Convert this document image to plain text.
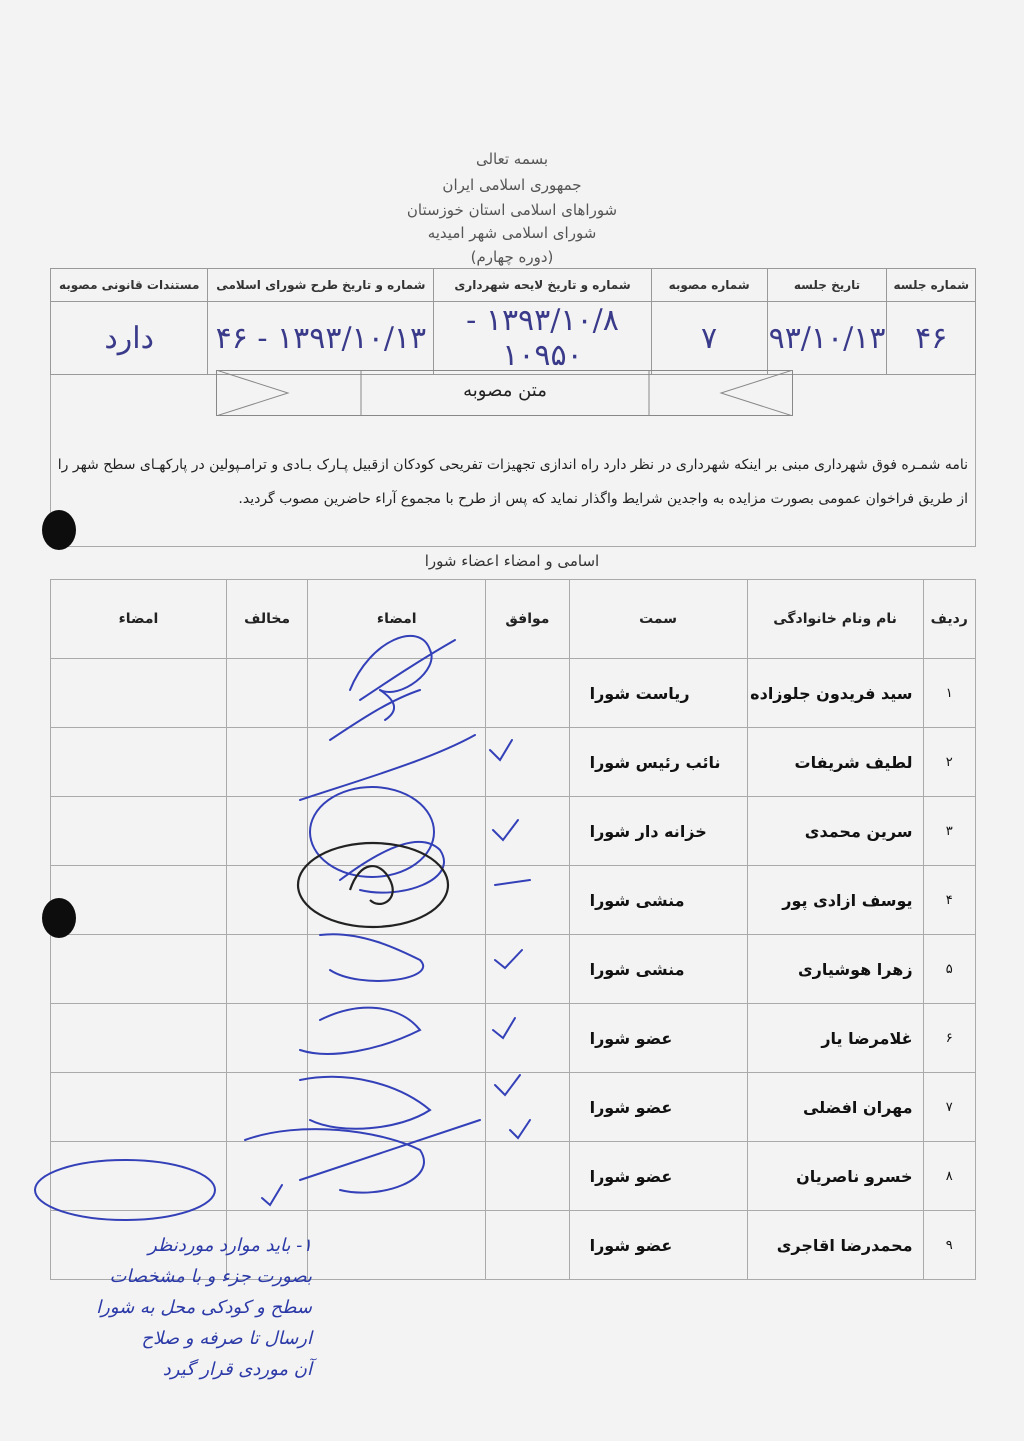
بسمه تعالی
جمهوری اسلامی ایران
شوراهای اسلامی استان خوزستان
شورای اسلامی شهر امیدیه
(دوره چهارم)
شماره جلسه	تاریخ جلسه	شماره مصوبه	شماره و تاریخ لایحه شهرداری	شماره و تاریخ طرح شورای اسلامی	مستندات قانونی مصوبه
۴۶	۹۳/۱۰/۱۳	۷	۱۳۹۳/۱۰/۸ - ۱۰۹۵۰	۱۳۹۳/۱۰/۱۳ - ۴۶	دارد
متن مصوبه
نامه شمـره فوق شهرداری مبنی بر اینکه شهرداری در نظر دارد راه اندازی تجهیزات تفریحی کودکان ازقبیل پـارک بـادی و ترامـپولین در پارکهـای سطح شهر را از طریق فراخوان عمومی بصورت مزایده به واجدین شرایط واگذار نماید که پس از طرح با مجموع آراء حاضرین مصوب گردید.
اسامی و امضاء اعضاء شورا
ردیف	نام ونام خانوادگی	سمت	موافق	امضاء	مخالف	امضاء
۱	سید فریدون جلوزاده	ریاست شورا				
۲	لطیف شریفات	نائب رئیس شورا				
۳	سرین محمدی	خزانه دار شورا				
۴	یوسف ازادی پور	منشی شورا				
۵	زهرا هوشیاری	منشی شورا				
۶	غلامرضا یار	عضو شورا				
۷	مهران افضلی	عضو شورا				
۸	خسرو ناصریان	عضو شورا				
۹	محمدرضا اقاجری	عضو شورا				
۱- باید موارد موردنظر
بصورت جزء و با مشخصات
سطح و کودکی محل به شورا
ارسال تا صرفه و صلاح
آن موردی قرار گیرد
